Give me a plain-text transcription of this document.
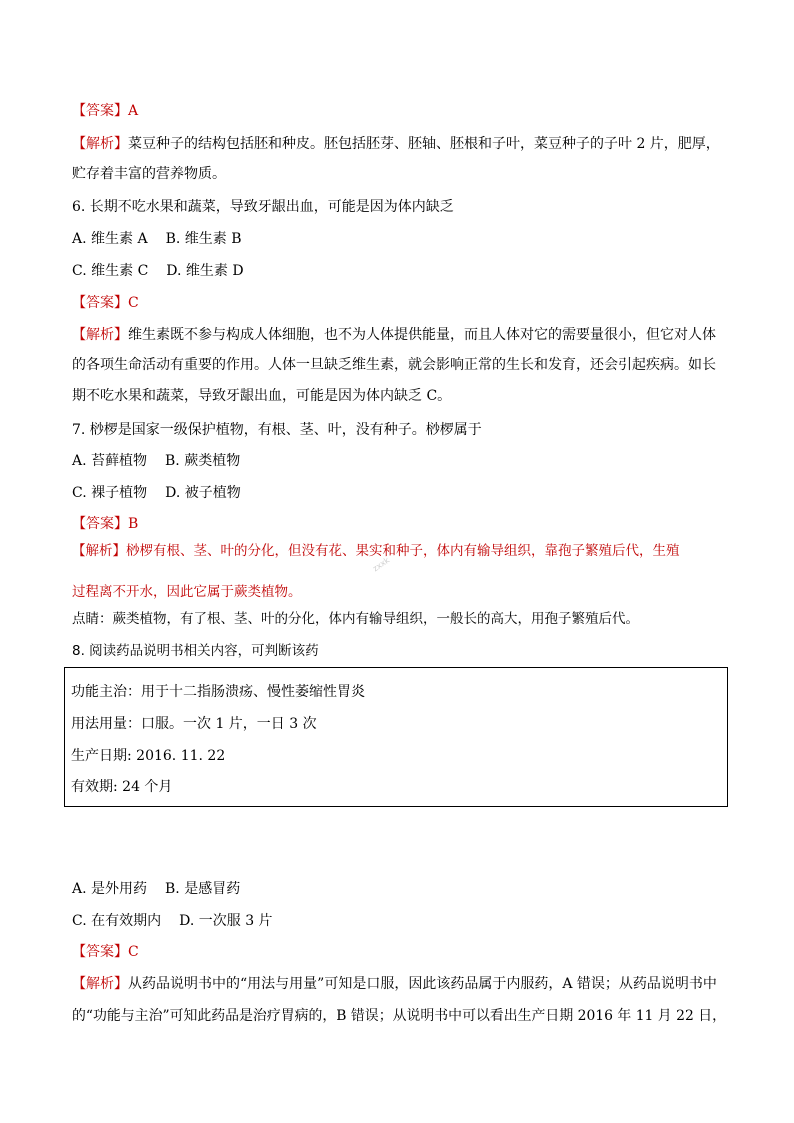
【答案】A
【解析】菜豆种子的结构包括胚和种皮。胚包括胚芽、胚轴、胚根和子叶，菜豆种子的子叶 2 片，肥厚，
贮存着丰富的营养物质。
6. 长期不吃水果和蔬菜，导致牙龈出血，可能是因为体内缺乏
A. 维生素 A B. 维生素 B
C. 维生素 C D. 维生素 D
【答案】C
【解析】维生素既不参与构成人体细胞，也不为人体提供能量，而且人体对它的需要量很小，但它对人体
的各项生命活动有重要的作用。人体一旦缺乏维生素，就会影响正常的生长和发育，还会引起疾病。如长
期不吃水果和蔬菜，导致牙龈出血，可能是因为体内缺乏 C。
7. 桫椤是国家一级保护植物，有根、茎、叶，没有种子。桫椤属于
A. 苔藓植物 B. 蕨类植物
C. 裸子植物 D. 被子植物
【答案】B
【解析】桫椤有根、茎、叶的分化，但没有花、果实和种子，体内有输导组织，靠孢子繁殖后代，生殖
过程离不开水，因此它属于蕨类植物。
点睛：蕨类植物，有了根、茎、叶的分化，体内有输导组织，一般长的高大，用孢子繁殖后代。
zxxk
8. 阅读药品说明书相关内容，可判断该药
功能主治：用于十二指肠溃疡、慢性萎缩性胃炎
用法用量：口服。一次 1 片，一日 3 次
生产日期: 2016. 11. 22
有效期: 24 个月
A. 是外用药 B. 是感冒药
C. 在有效期内 D. 一次服 3 片
【答案】C
【解析】从药品说明书中的“用法与用量”可知是口服，因此该药品属于内服药，A 错误；从药品说明书中
的“功能与主治”可知此药品是治疗胃病的，B 错误；从说明书中可以看出生产日期 2016 年 11 月 22 日，
